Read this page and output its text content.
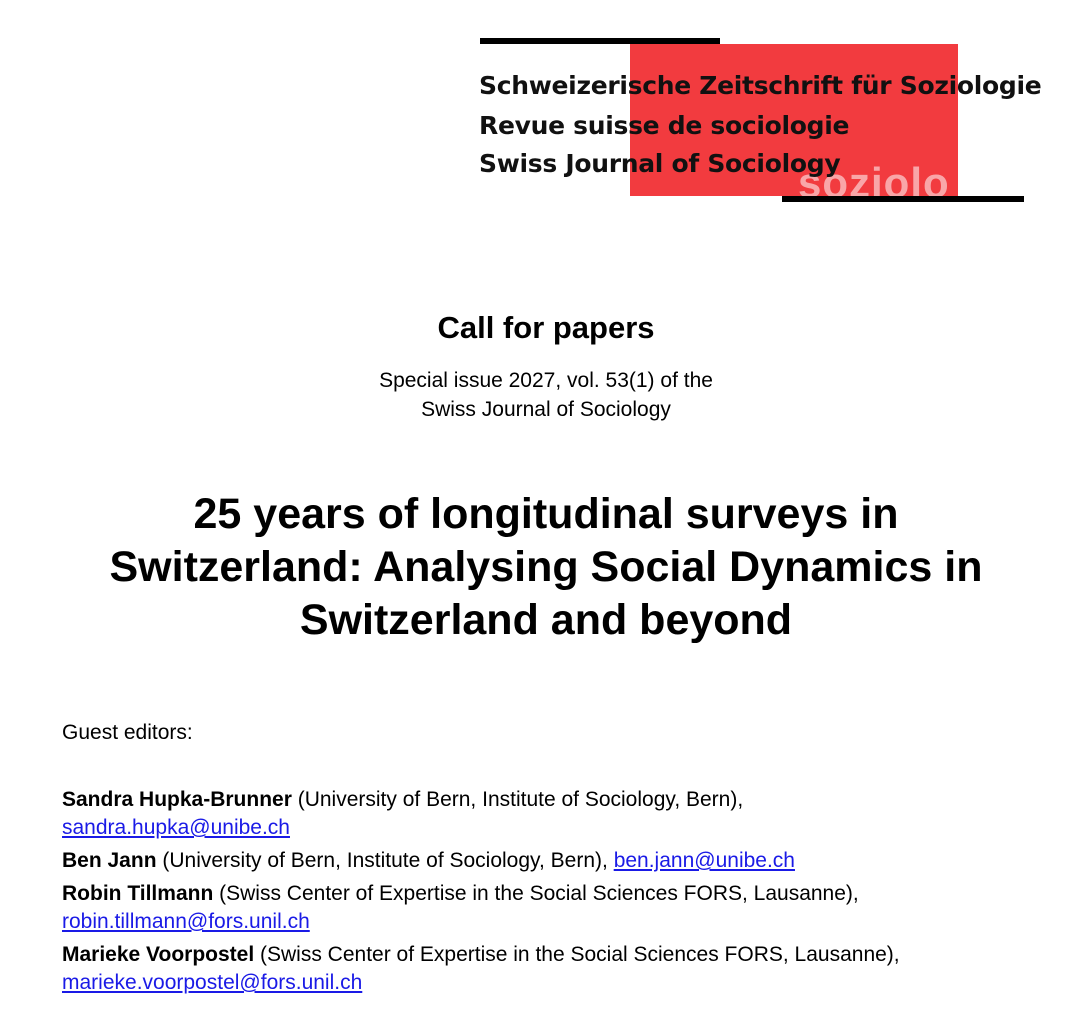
soziolo
Schweizerische Zeitschrift für Soziologie
Revue suisse de sociologie
Swiss Journal of Sociology
Call for papers
Special issue 2027, vol. 53(1) of the
Swiss Journal of Sociology
25 years of longitudinal surveys in
Switzerland: Analysing Social Dynamics in
Switzerland and beyond
Guest editors:
Sandra Hupka-Brunner (University of Bern, Institute of Sociology, Bern),
sandra.hupka@unibe.ch
Ben Jann (University of Bern, Institute of Sociology, Bern), ben.jann@unibe.ch
Robin Tillmann (Swiss Center of Expertise in the Social Sciences FORS, Lausanne),
robin.tillmann@fors.unil.ch
Marieke Voorpostel (Swiss Center of Expertise in the Social Sciences FORS, Lausanne),
marieke.voorpostel@fors.unil.ch
